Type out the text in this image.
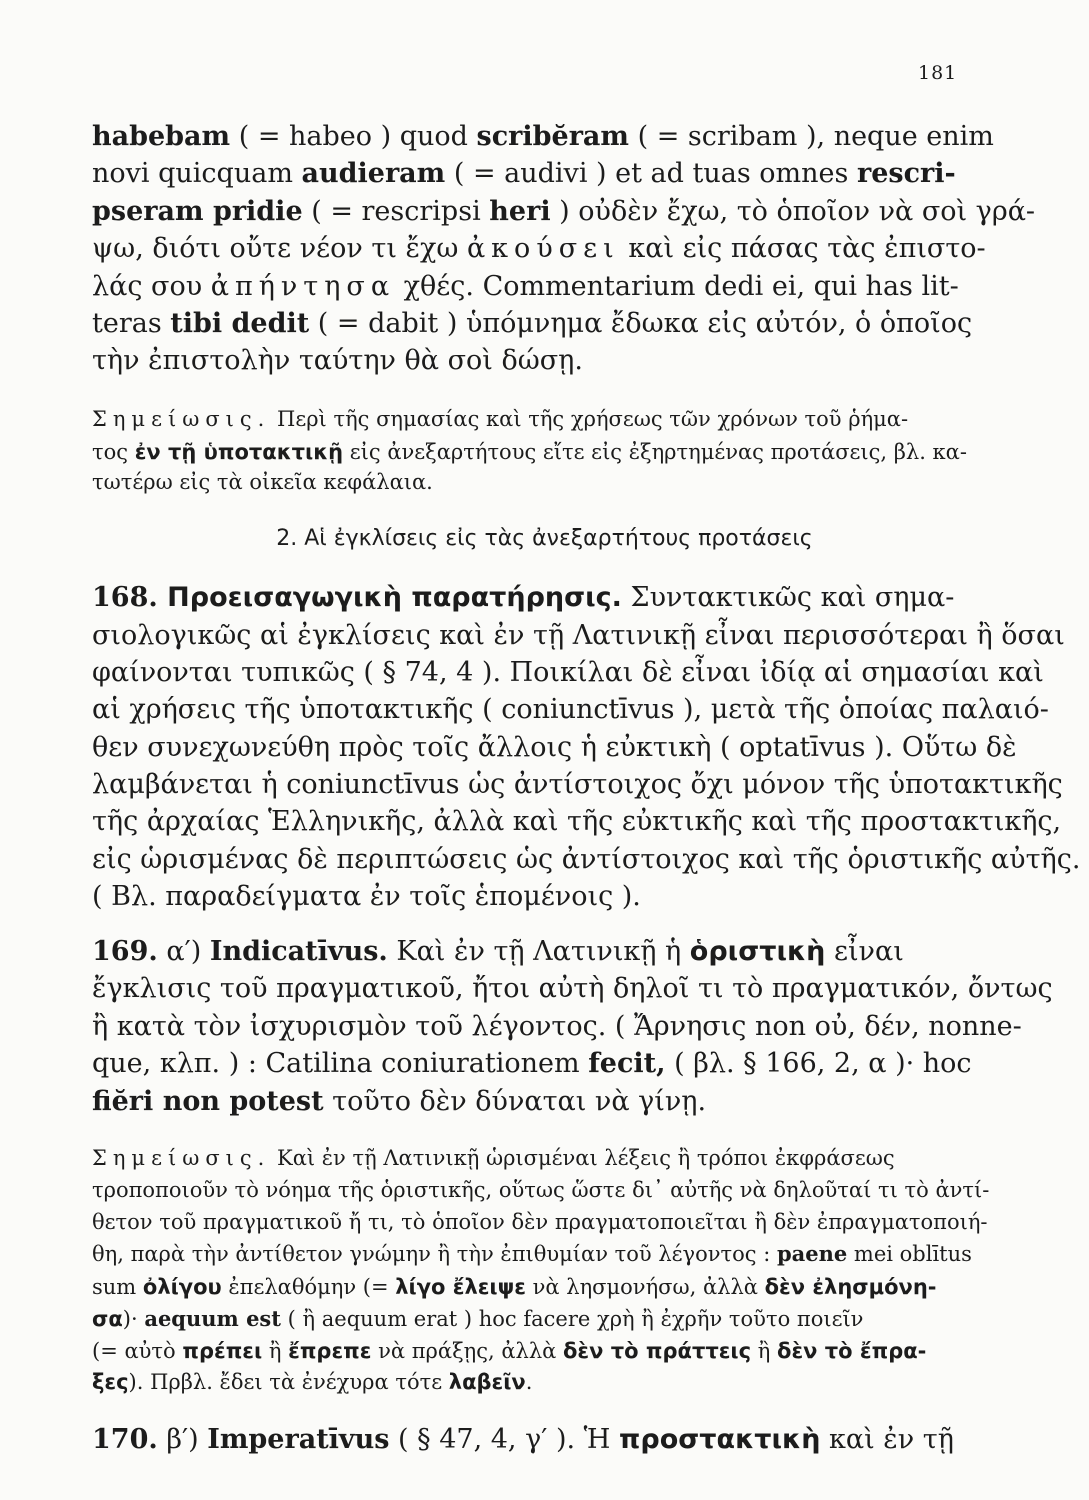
181
habebam ( = habeo ) quod scribĕram ( = scribam ), neque enim
novi quicquam audieram ( = audivi ) et ad tuas omnes rescri-
pseram pridie ( = rescripsi heri ) οὐδὲν ἔχω, τὸ ὁποῖον νὰ σοὶ γρά-
ψω, διότι οὔτε νέον τι ἔχω ἀκούσει καὶ εἰς πάσας τὰς ἐπιστο-
λάς σου ἀπήντησα χθές. Commentarium dedi ei, qui has lit-
teras tibi dedit ( = dabit ) ὑπόμνημα ἔδωκα εἰς αὐτόν, ὁ ὁποῖος
τὴν ἐπιστολὴν ταύτην θὰ σοὶ δώσῃ.
Σημείωσις. Περὶ τῆς σημασίας καὶ τῆς χρήσεως τῶν χρόνων τοῦ ῥήμα-
τος ἐν τῇ ὑποτακτικῇ εἰς ἀνεξαρτήτους εἴτε εἰς ἐξηρτημένας προτάσεις, βλ. κα-
τωτέρω εἰς τὰ οἰκεῖα κεφάλαια.
2. Αἱ ἐγκλίσεις εἰς τὰς ἀνεξαρτήτους προτάσεις
168. Προεισαγωγικὴ παρατήρησις. Συντακτικῶς καὶ σημα-
σιολογικῶς αἱ ἐγκλίσεις καὶ ἐν τῇ Λατινικῇ εἶναι περισσότεραι ἢ ὅσαι
φαίνονται τυπικῶς ( § 74, 4 ). Ποικίλαι δὲ εἶναι ἰδίᾳ αἱ σημασίαι καὶ
αἱ χρήσεις τῆς ὑποτακτικῆς ( coniunctīvus ), μετὰ τῆς ὁποίας παλαιό-
θεν συνεχωνεύθη πρὸς τοῖς ἄλλοις ἡ εὐκτικὴ ( optatīvus ). Οὕτω δὲ
λαμβάνεται ἡ coniunctīvus ὡς ἀντίστοιχος ὄχι μόνον τῆς ὑποτακτικῆς
τῆς ἀρχαίας Ἑλληνικῆς, ἀλλὰ καὶ τῆς εὐκτικῆς καὶ τῆς προστακτικῆς,
εἰς ὡρισμένας δὲ περιπτώσεις ὡς ἀντίστοιχος καὶ τῆς ὁριστικῆς αὐτῆς.
( Βλ. παραδείγματα ἐν τοῖς ἑπομένοις ).
169. α′) Indicatīvus. Καὶ ἐν τῇ Λατινικῇ ἡ ὁριστικὴ εἶναι
ἔγκλισις τοῦ πραγματικοῦ, ἤτοι αὐτὴ δηλοῖ τι τὸ πραγματικόν, ὄντως
ἢ κατὰ τὸν ἰσχυρισμὸν τοῦ λέγοντος. ( Ἄρνησις non οὐ, δέν, nonne-
que, κλπ. ) : Catilina coniurationem fecit, ( βλ. § 166, 2, α )· hoc
fiĕri non potest τοῦτο δὲν δύναται νὰ γίνῃ.
Σημείωσις. Καὶ ἐν τῇ Λατινικῇ ὡρισμέναι λέξεις ἢ τρόποι ἐκφράσεως
τροποποιοῦν τὸ νόημα τῆς ὁριστικῆς, οὕτως ὥστε δι᾽ αὐτῆς νὰ δηλοῦταί τι τὸ ἀντί-
θετον τοῦ πραγματικοῦ ἤ τι, τὸ ὁποῖον δὲν πραγματοποιεῖται ἢ δὲν ἐπραγματοποιή-
θη, παρὰ τὴν ἀντίθετον γνώμην ἢ τὴν ἐπιθυμίαν τοῦ λέγοντος : paene mei oblītus
sum ὀλίγου ἐπελαθόμην (= λίγο ἔλειψε νὰ λησμονήσω, ἀλλὰ δὲν ἐλησμόνη-
σα)· aequum est ( ἢ aequum erat ) hoc facere χρὴ ἢ ἐχρῆν τοῦτο ποιεῖν
(= αὐτὸ πρέπει ἢ ἔπρεπε νὰ πράξῃς, ἀλλὰ δὲν τὸ πράττεις ἢ δὲν τὸ ἔπρα-
ξες). Πρβλ. ἔδει τὰ ἐνέχυρα τότε λαβεῖν.
170. β′) Imperatīvus ( § 47, 4, γ′ ). Ἡ προστακτικὴ καὶ ἐν τῇ
